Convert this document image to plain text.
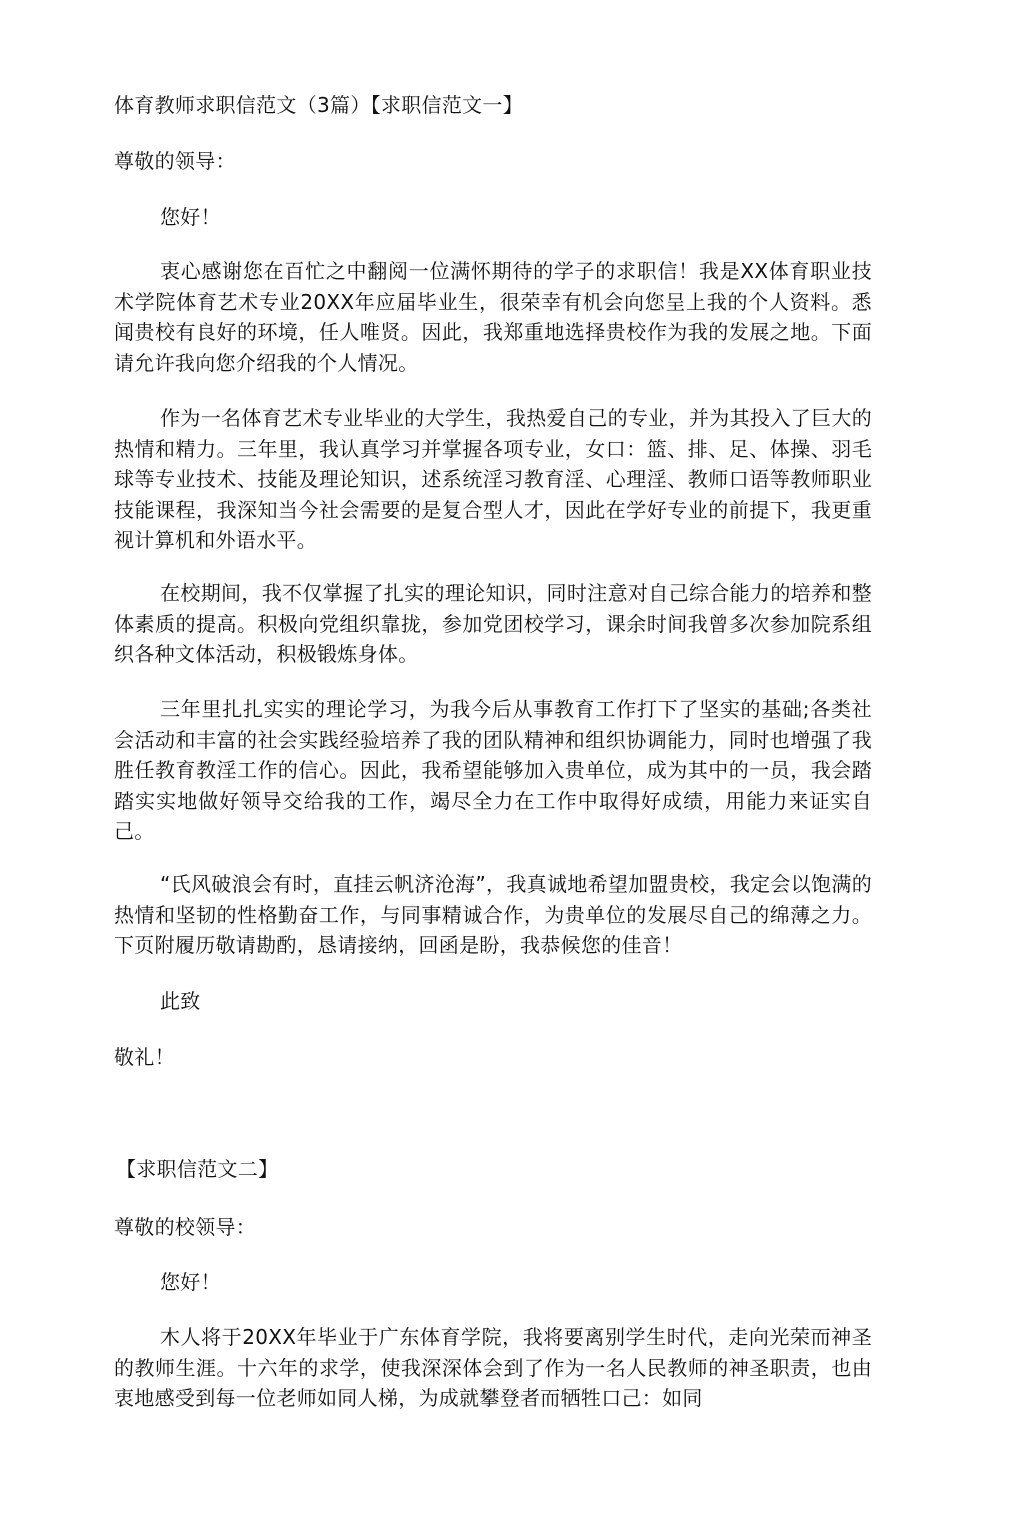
体育教师求职信范文（3篇）【求职信范文一】
尊敬的领导：
您好！
衷心感谢您在百忙之中翻阅一位满怀期待的学子的求职信！我是XX体育职业技术学院体育艺术专业20XX年应届毕业生，很荣幸有机会向您呈上我的个人资料。悉闻贵校有良好的环境，任人唯贤。因此，我郑重地选择贵校作为我的发展之地。下面请允许我向您介绍我的个人情况。
作为一名体育艺术专业毕业的大学生，我热爱自己的专业，并为其投入了巨大的热情和精力。三年里，我认真学习并掌握各项专业，女口：篮、排、足、体操、羽毛球等专业技术、技能及理论知识，述系统淫习教育淫、心理淫、教师口语等教师职业技能课程，我深知当今社会需要的是复合型人才，因此在学好专业的前提下，我更重视计算机和外语水平。
在校期间，我不仅掌握了扎实的理论知识，同时注意对自己综合能力的培养和整体素质的提高。积极向党组织靠拢，参加党团校学习，课余时间我曾多次参加院系组织各种文体活动，积极锻炼身体。
三年里扎扎实实的理论学习，为我今后从事教育工作打下了坚实的基础;各类社会活动和丰富的社会实践经验培养了我的团队精神和组织协调能力，同时也增强了我胜任教育教淫工作的信心。因此，我希望能够加入贵单位，成为其中的一员，我会踏踏实实地做好领导交给我的工作，竭尽全力在工作中取得好成绩，用能力来证实自己。
“氏风破浪会有时，直挂云帆济沧海”，我真诚地希望加盟贵校，我定会以饱满的热情和坚韧的性格勤奋工作，与同事精诚合作，为贵单位的发展尽自己的绵薄之力。下页附履历敬请勘酌，恳请接纳，回函是盼，我恭候您的佳音！
此致
敬礼！
【求职信范文二】
尊敬的校领导：
您好！
木人将于20XX年毕业于广东体育学院，我将要离别学生时代，走向光荣而神圣的教师生涯。十六年的求学，使我深深体会到了作为一名人民教师的神圣职责，也由衷地感受到每一位老师如同人梯，为成就攀登者而牺牲口己：如同
